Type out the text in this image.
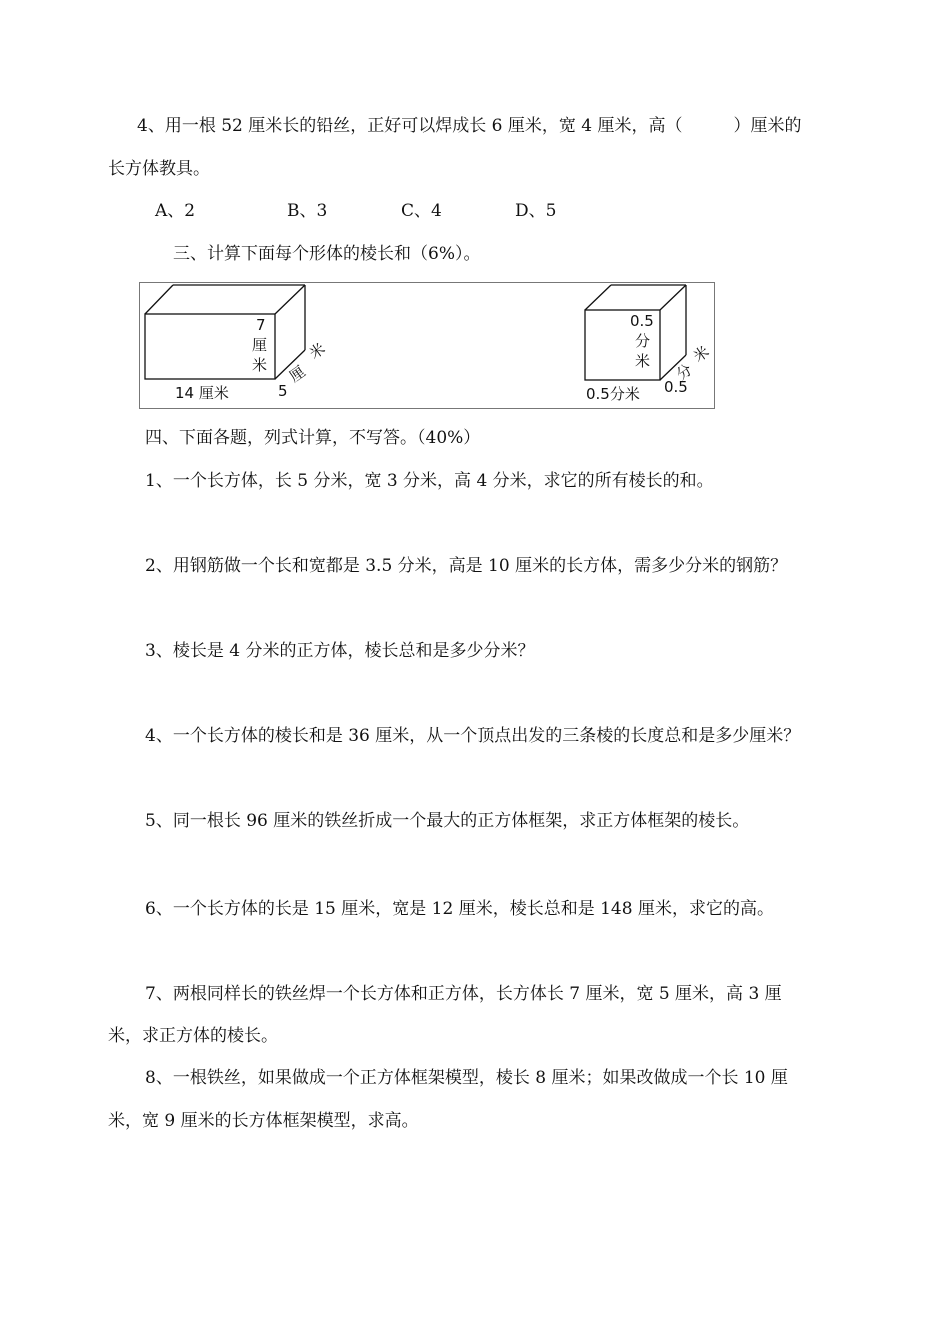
4、用一根 52 厘米长的铅丝，正好可以焊成长 6 厘米，宽 4 厘米，高（　　　）厘米的
长方体教具。
A、2	B、3	C、4	D、5
三、计算下面每个形体的棱长和（6%）。
7
厘
米
14 厘米	5
米
厘
0.5
分
米
0.5分米 0.5
米
分
四、下面各题，列式计算，不写答。（40%）
1、一个长方体，长 5 分米，宽 3 分米，高 4 分米，求它的所有棱长的和。
2、用钢筋做一个长和宽都是 3.5 分米，高是 10 厘米的长方体，需多少分米的钢筋？
3、棱长是 4 分米的正方体，棱长总和是多少分米？
4、一个长方体的棱长和是 36 厘米，从一个顶点出发的三条棱的长度总和是多少厘米？
5、同一根长 96 厘米的铁丝折成一个最大的正方体框架，求正方体框架的棱长。
6、一个长方体的长是 15 厘米，宽是 12 厘米，棱长总和是 148 厘米，求它的高。
7、两根同样长的铁丝焊一个长方体和正方体，长方体长 7 厘米，宽 5 厘米，高 3 厘
米，求正方体的棱长。
8、一根铁丝，如果做成一个正方体框架模型，棱长 8 厘米；如果改做成一个长 10 厘
米，宽 9 厘米的长方体框架模型，求高。
